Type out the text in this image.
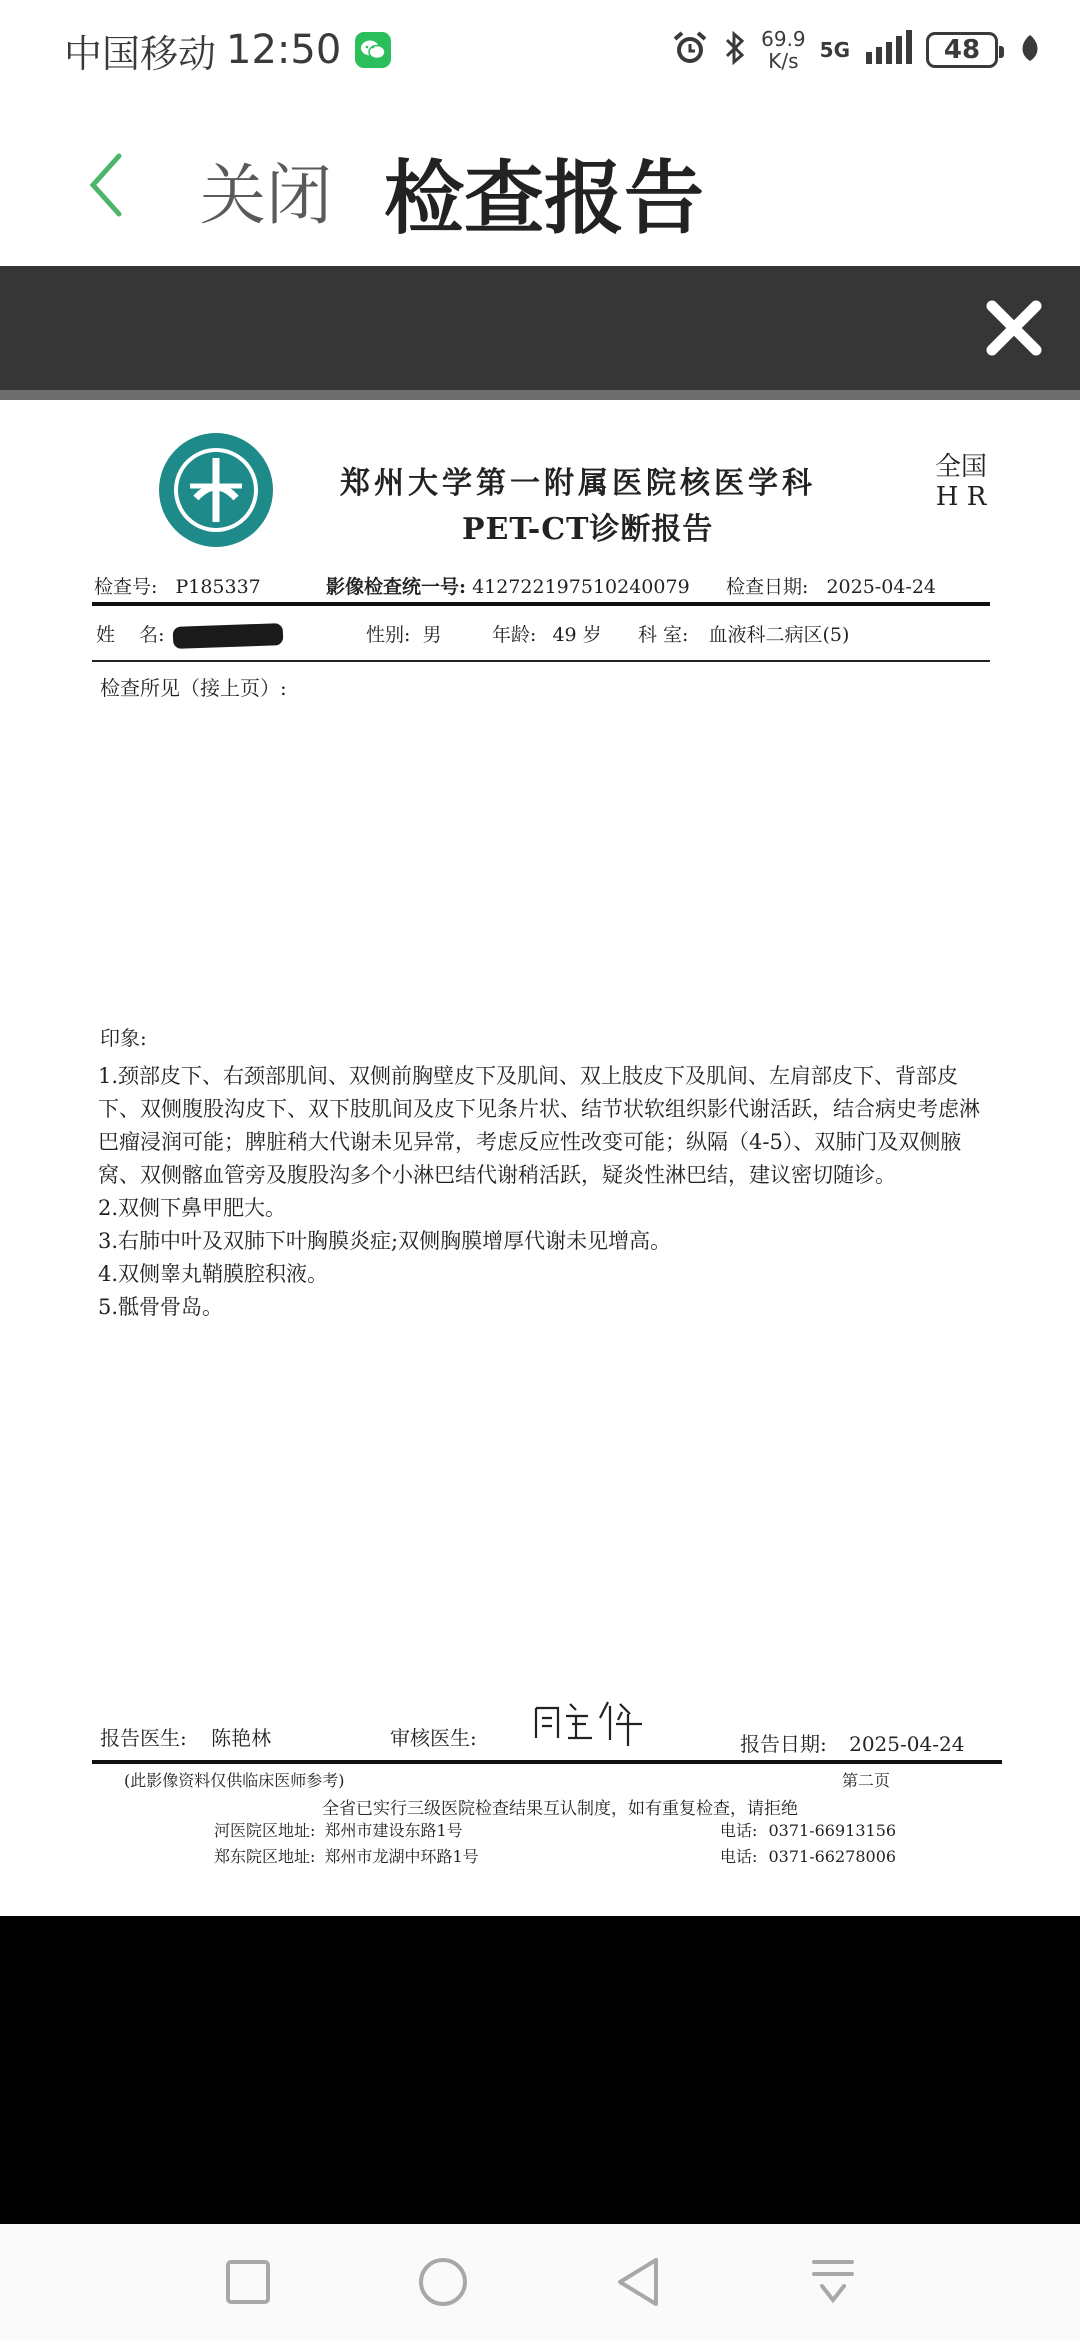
中国移动 12:50	69.9
K/s 5G	48
关闭 检查报告
郑州大学第一附属医院核医学科
PET-CT诊断报告
全国
H R
检查号: P185337	影像检查统一号: 412722197510240079 检查日期: 2025-04-24
姓    名:	性别: 男	年龄: 49 岁 科 室: 血液科二病区(5)
检查所见（接上页）:
印象:

1.颈部皮下、右颈部肌间、双侧前胸壁皮下及肌间、双上肢皮下及肌间、左肩部皮下、背部皮下、双侧腹股沟皮下、双下肢肌间及皮下见条片状、结节状软组织影代谢活跃，结合病史考虑淋巴瘤浸润可能；脾脏稍大代谢未见异常，考虑反应性改变可能；纵隔（4-5）、双肺门及双侧腋窝、双侧髂血管旁及腹股沟多个小淋巴结代谢稍活跃，疑炎性淋巴结，建议密切随诊。

2.双侧下鼻甲肥大。

3.右肺中叶及双肺下叶胸膜炎症;双侧胸膜增厚代谢未见增高。

4.双侧睾丸鞘膜腔积液。

5.骶骨骨岛。

报告医生: 陈艳林	审核医生:	报告日期: 2025-04-24
(此影像资料仅供临床医师参考)	第二页
全省已实行三级医院检查结果互认制度，如有重复检查，请拒绝
河医院区地址: 郑州市建设东路1号	电话: 0371-66913156
郑东院区地址: 郑州市龙湖中环路1号	电话: 0371-66278006
